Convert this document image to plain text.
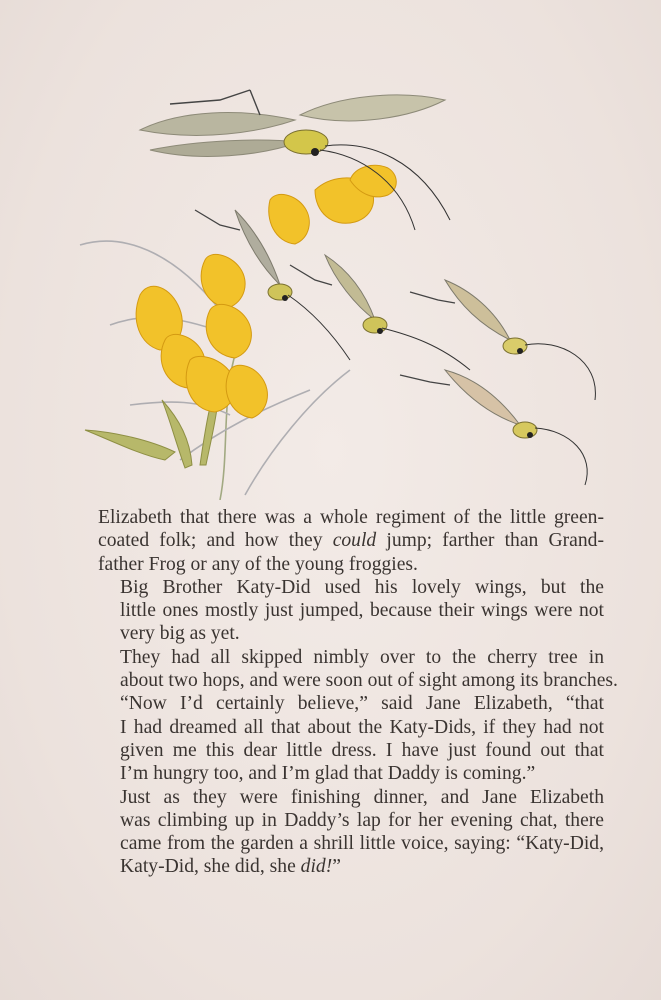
Elizabeth that there was a whole regiment of the little green-
coated folk; and how they could jump; farther than Grand-
father Frog or any of the young froggies.

Big Brother Katy-Did used his lovely wings, but the
little ones mostly just jumped, because their wings were not
very big as yet.

They had all skipped nimbly over to the cherry tree in
about two hops, and were soon out of sight among its branches.

“Now I’d certainly believe,” said Jane Elizabeth, “that
I had dreamed all that about the Katy-Dids, if they had not
given me this dear little dress. I have just found out that
I’m hungry too, and I’m glad that Daddy is coming.”

Just as they were finishing dinner, and Jane Elizabeth
was climbing up in Daddy’s lap for her evening chat, there
came from the garden a shrill little voice, saying: “Katy-Did,
Katy-Did, she did, she did!”
